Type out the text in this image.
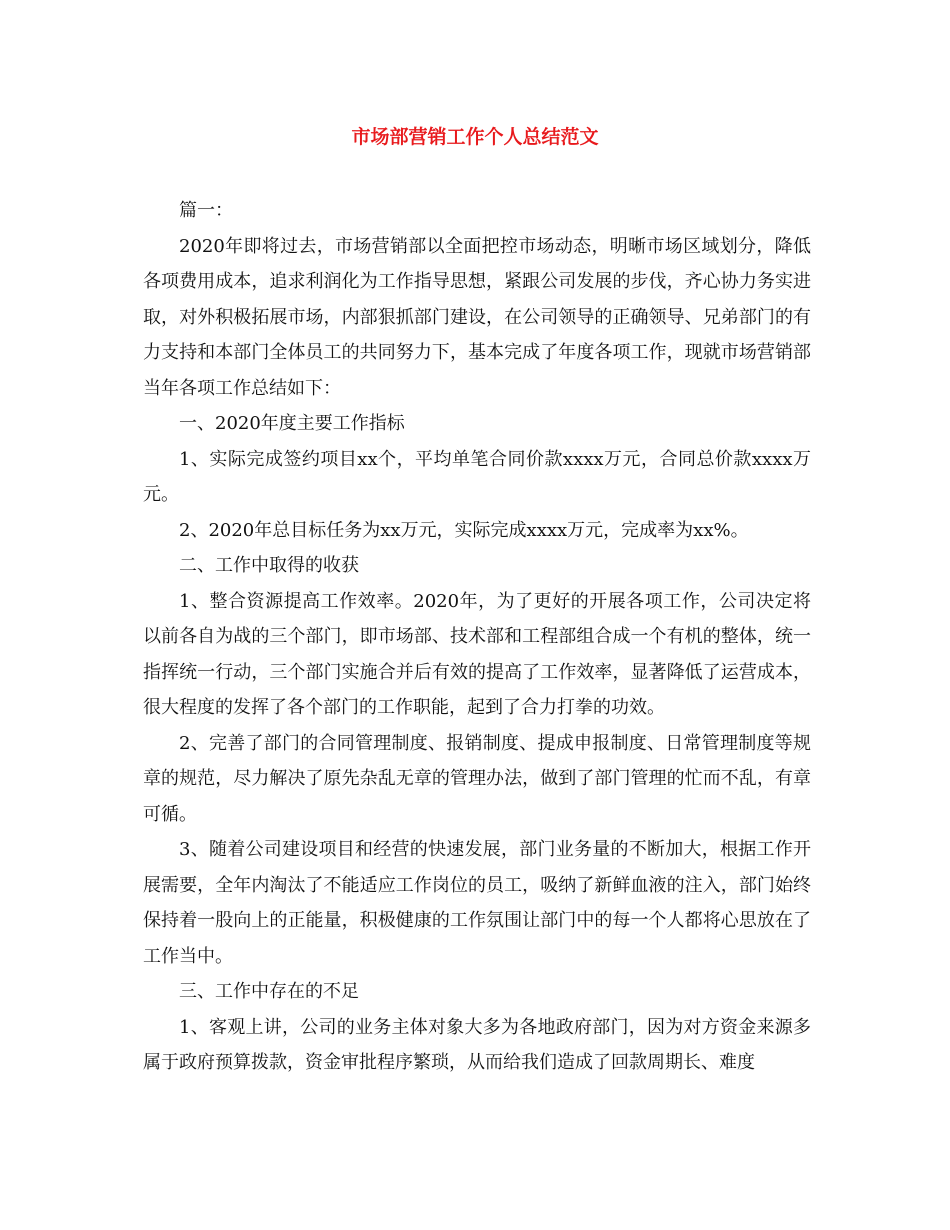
市场部营销工作个人总结范文

篇一：

2020年即将过去，市场营销部以全面把控市场动态，明晰市场区域划分，降低各项费用成本，追求利润化为工作指导思想，紧跟公司发展的步伐，齐心协力务实进取，对外积极拓展市场，内部狠抓部门建设，在公司领导的正确领导、兄弟部门的有力支持和本部门全体员工的共同努力下，基本完成了年度各项工作，现就市场营销部当年各项工作总结如下：

一、2020年度主要工作指标

1、实际完成签约项目xx个，平均单笔合同价款xxxx万元，合同总价款xxxx万元。

2、2020年总目标任务为xx万元，实际完成xxxx万元，完成率为xx%。

二、工作中取得的收获

1、整合资源提高工作效率。2020年，为了更好的开展各项工作，公司决定将以前各自为战的三个部门，即市场部、技术部和工程部组合成一个有机的整体，统一指挥统一行动，三个部门实施合并后有效的提高了工作效率，显著降低了运营成本，很大程度的发挥了各个部门的工作职能，起到了合力打拳的功效。

2、完善了部门的合同管理制度、报销制度、提成申报制度、日常管理制度等规章的规范，尽力解决了原先杂乱无章的管理办法，做到了部门管理的忙而不乱，有章可循。

3、随着公司建设项目和经营的快速发展，部门业务量的不断加大，根据工作开展需要，全年内淘汰了不能适应工作岗位的员工，吸纳了新鲜血液的注入，部门始终保持着一股向上的正能量，积极健康的工作氛围让部门中的每一个人都将心思放在了工作当中。

三、工作中存在的不足

1、客观上讲，公司的业务主体对象大多为各地政府部门，因为对方资金来源多属于政府预算拨款，资金审批程序繁琐，从而给我们造成了回款周期长、难度
